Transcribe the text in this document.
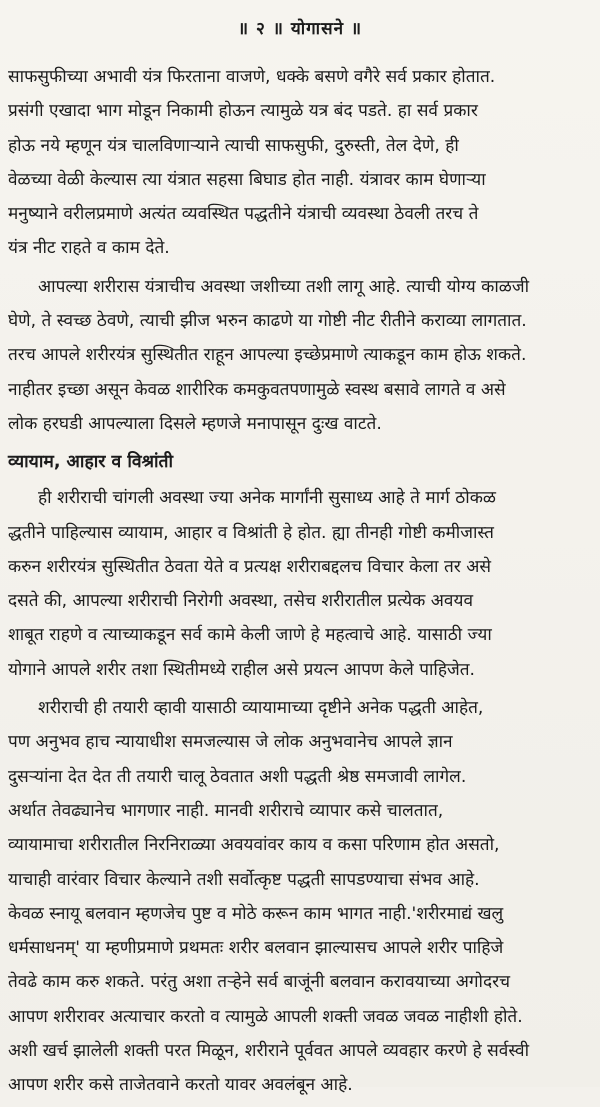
॥ २ ॥ योगासने ॥
साफसुफीच्या अभावी यंत्र फिरताना वाजणे, धक्के बसणे वगैरे सर्व प्रकार होतात.
प्रसंगी एखादा भाग मोडून निकामी होऊन त्यामुळे यत्र बंद पडते. हा सर्व प्रकार
होऊ नये म्हणून यंत्र चालविणाऱ्याने त्याची साफसुफी, दुरुस्ती, तेल देणे, ही
वेळच्या वेळी केल्यास त्या यंत्रात सहसा बिघाड होत नाही. यंत्रावर काम घेणाऱ्या
मनुष्याने वरीलप्रमाणे अत्यंत व्यवस्थित पद्धतीने यंत्राची व्यवस्था ठेवली तरच ते
यंत्र नीट राहते व काम देते.
आपल्या शरीरास यंत्राचीच अवस्था जशीच्या तशी लागू आहे. त्याची योग्य काळजी
घेणे, ते स्वच्छ ठेवणे, त्याची झीज भरुन काढणे या गोष्टी नीट रीतीने कराव्या लागतात.
तरच आपले शरीरयंत्र सुस्थितीत राहून आपल्या इच्छेप्रमाणे त्याकडून काम होऊ शकते.
नाहीतर इच्छा असून केवळ शारीरिक कमकुवतपणामुळे स्वस्थ बसावे लागते व असे
लोक हरघडी आपल्याला दिसले म्हणजे मनापासून दुःख वाटते.
व्यायाम, आहार व विश्रांती
ही शरीराची चांगली अवस्था ज्या अनेक मार्गांनी सुसाध्य आहे ते मार्ग ठोकळ
द्धतीने पाहिल्यास व्यायाम, आहार व विश्रांती हे होत. ह्या तीनही गोष्टी कमीजास्त
करुन शरीरयंत्र सुस्थितीत ठेवता येते व प्रत्यक्ष शरीराबद्दलच विचार केला तर असे
दसते की, आपल्या शरीराची निरोगी अवस्था, तसेच शरीरातील प्रत्येक अवयव
शाबूत राहणे व त्याच्याकडून सर्व कामे केली जाणे हे महत्वाचे आहे. यासाठी ज्या
योगाने आपले शरीर तशा स्थितीमध्ये राहील असे प्रयत्न आपण केले पाहिजेत.
शरीराची ही तयारी व्हावी यासाठी व्यायामाच्या दृष्टीने अनेक पद्धती आहेत,
पण अनुभव हाच न्यायाधीश समजल्यास जे लोक अनुभवानेच आपले ज्ञान
दुसऱ्यांना देत देत ती तयारी चालू ठेवतात अशी पद्धती श्रेष्ठ समजावी लागेल.
अर्थात तेवढ्यानेच भागणार नाही. मानवी शरीराचे व्यापार कसे चालतात,
व्यायामाचा शरीरातील निरनिराळ्या अवयवांवर काय व कसा परिणाम होत असतो,
याचाही वारंवार विचार केल्याने तशी सर्वोत्कृष्ट पद्धती सापडण्याचा संभव आहे.
केवळ स्नायू बलवान म्हणजेच पुष्ट व मोठे करून काम भागत नाही.'शरीरमाद्यं खलु
धर्मसाधनम्' या म्हणीप्रमाणे प्रथमतः शरीर बलवान झाल्यासच आपले शरीर पाहिजे
तेवढे काम करु शकते. परंतु अशा तऱ्हेने सर्व बाजूंनी बलवान करावयाच्या अगोदरच
आपण शरीरावर अत्याचार करतो व त्यामुळे आपली शक्ती जवळ जवळ नाहीशी होते.
अशी खर्च झालेली शक्ती परत मिळून, शरीराने पूर्ववत आपले व्यवहार करणे हे सर्वस्वी
आपण शरीर कसे ताजेतवाने करतो यावर अवलंबून आहे.
